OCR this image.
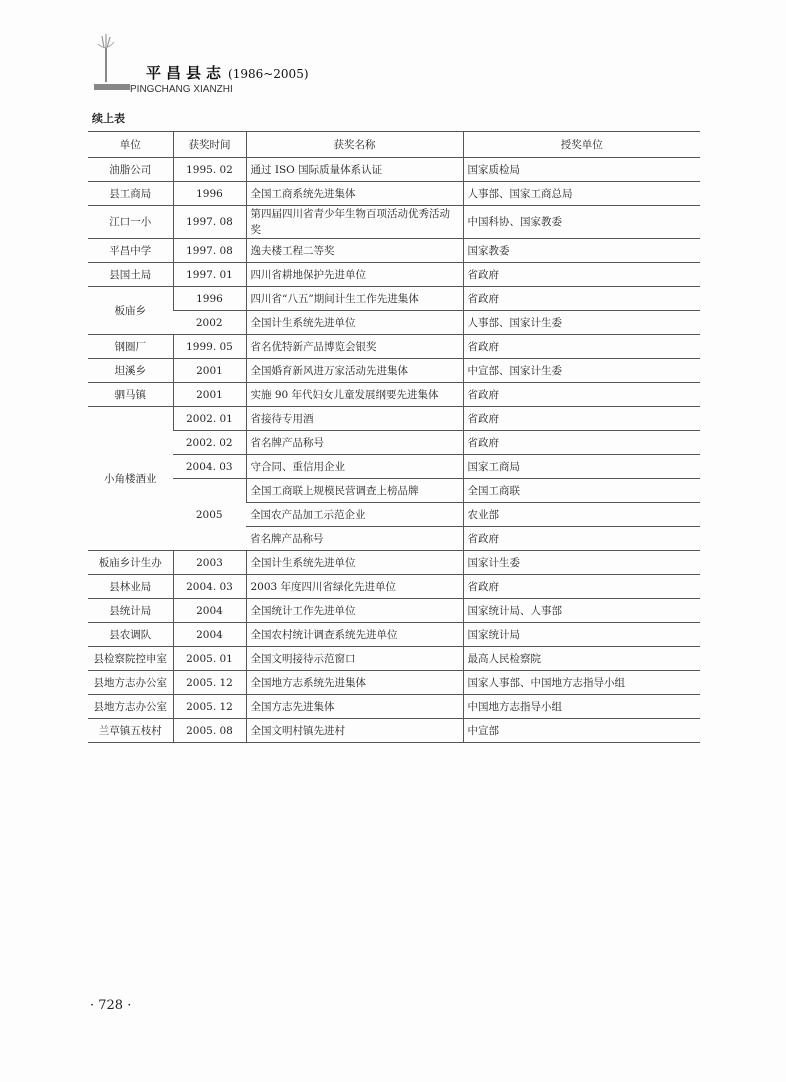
平昌县志 (1986~2005)
PINGCHANG XIANZHI
续上表
单位	获奖时间	获奖名称	授奖单位
油脂公司	1995. 02	通过 ISO 国际质量体系认证	国家质检局
县工商局	1996	全国工商系统先进集体	人事部、国家工商总局
江口一小	1997. 08	第四届四川省青少年生物百项活动优秀活动奖	中国科协、国家教委
平昌中学	1997. 08	逸夫楼工程二等奖	国家教委
县国土局	1997. 01	四川省耕地保护先进单位	省政府
板庙乡	1996	四川省“八五”期间计生工作先进集体	省政府
	2002	全国计生系统先进单位	人事部、国家计生委
钢圈厂	1999. 05	省名优特新产品博览会银奖	省政府
坦溪乡	2001	全国婚育新风进万家活动先进集体	中宣部、国家计生委
驷马镇	2001	实施 90 年代妇女儿童发展纲要先进集体	省政府
小角楼酒业	2002. 01	省接待专用酒	省政府
	2002. 02	省名牌产品称号	省政府
	2004. 03	守合同、重信用企业	国家工商局
	2005	全国工商联上规模民营调查上榜品牌	全国工商联
		全国农产品加工示范企业	农业部
		省名牌产品称号	省政府
板庙乡计生办	2003	全国计生系统先进单位	国家计生委
县林业局	2004. 03	2003 年度四川省绿化先进单位	省政府
县统计局	2004	全国统计工作先进单位	国家统计局、人事部
县农调队	2004	全国农村统计调查系统先进单位	国家统计局
县检察院控申室	2005. 01	全国文明接待示范窗口	最高人民检察院
县地方志办公室	2005. 12	全国地方志系统先进集体	国家人事部、中国地方志指导小组
县地方志办公室	2005. 12	全国方志先进集体	中国地方志指导小组
兰草镇五枝村	2005. 08	全国文明村镇先进村	中宣部
· 728 ·
